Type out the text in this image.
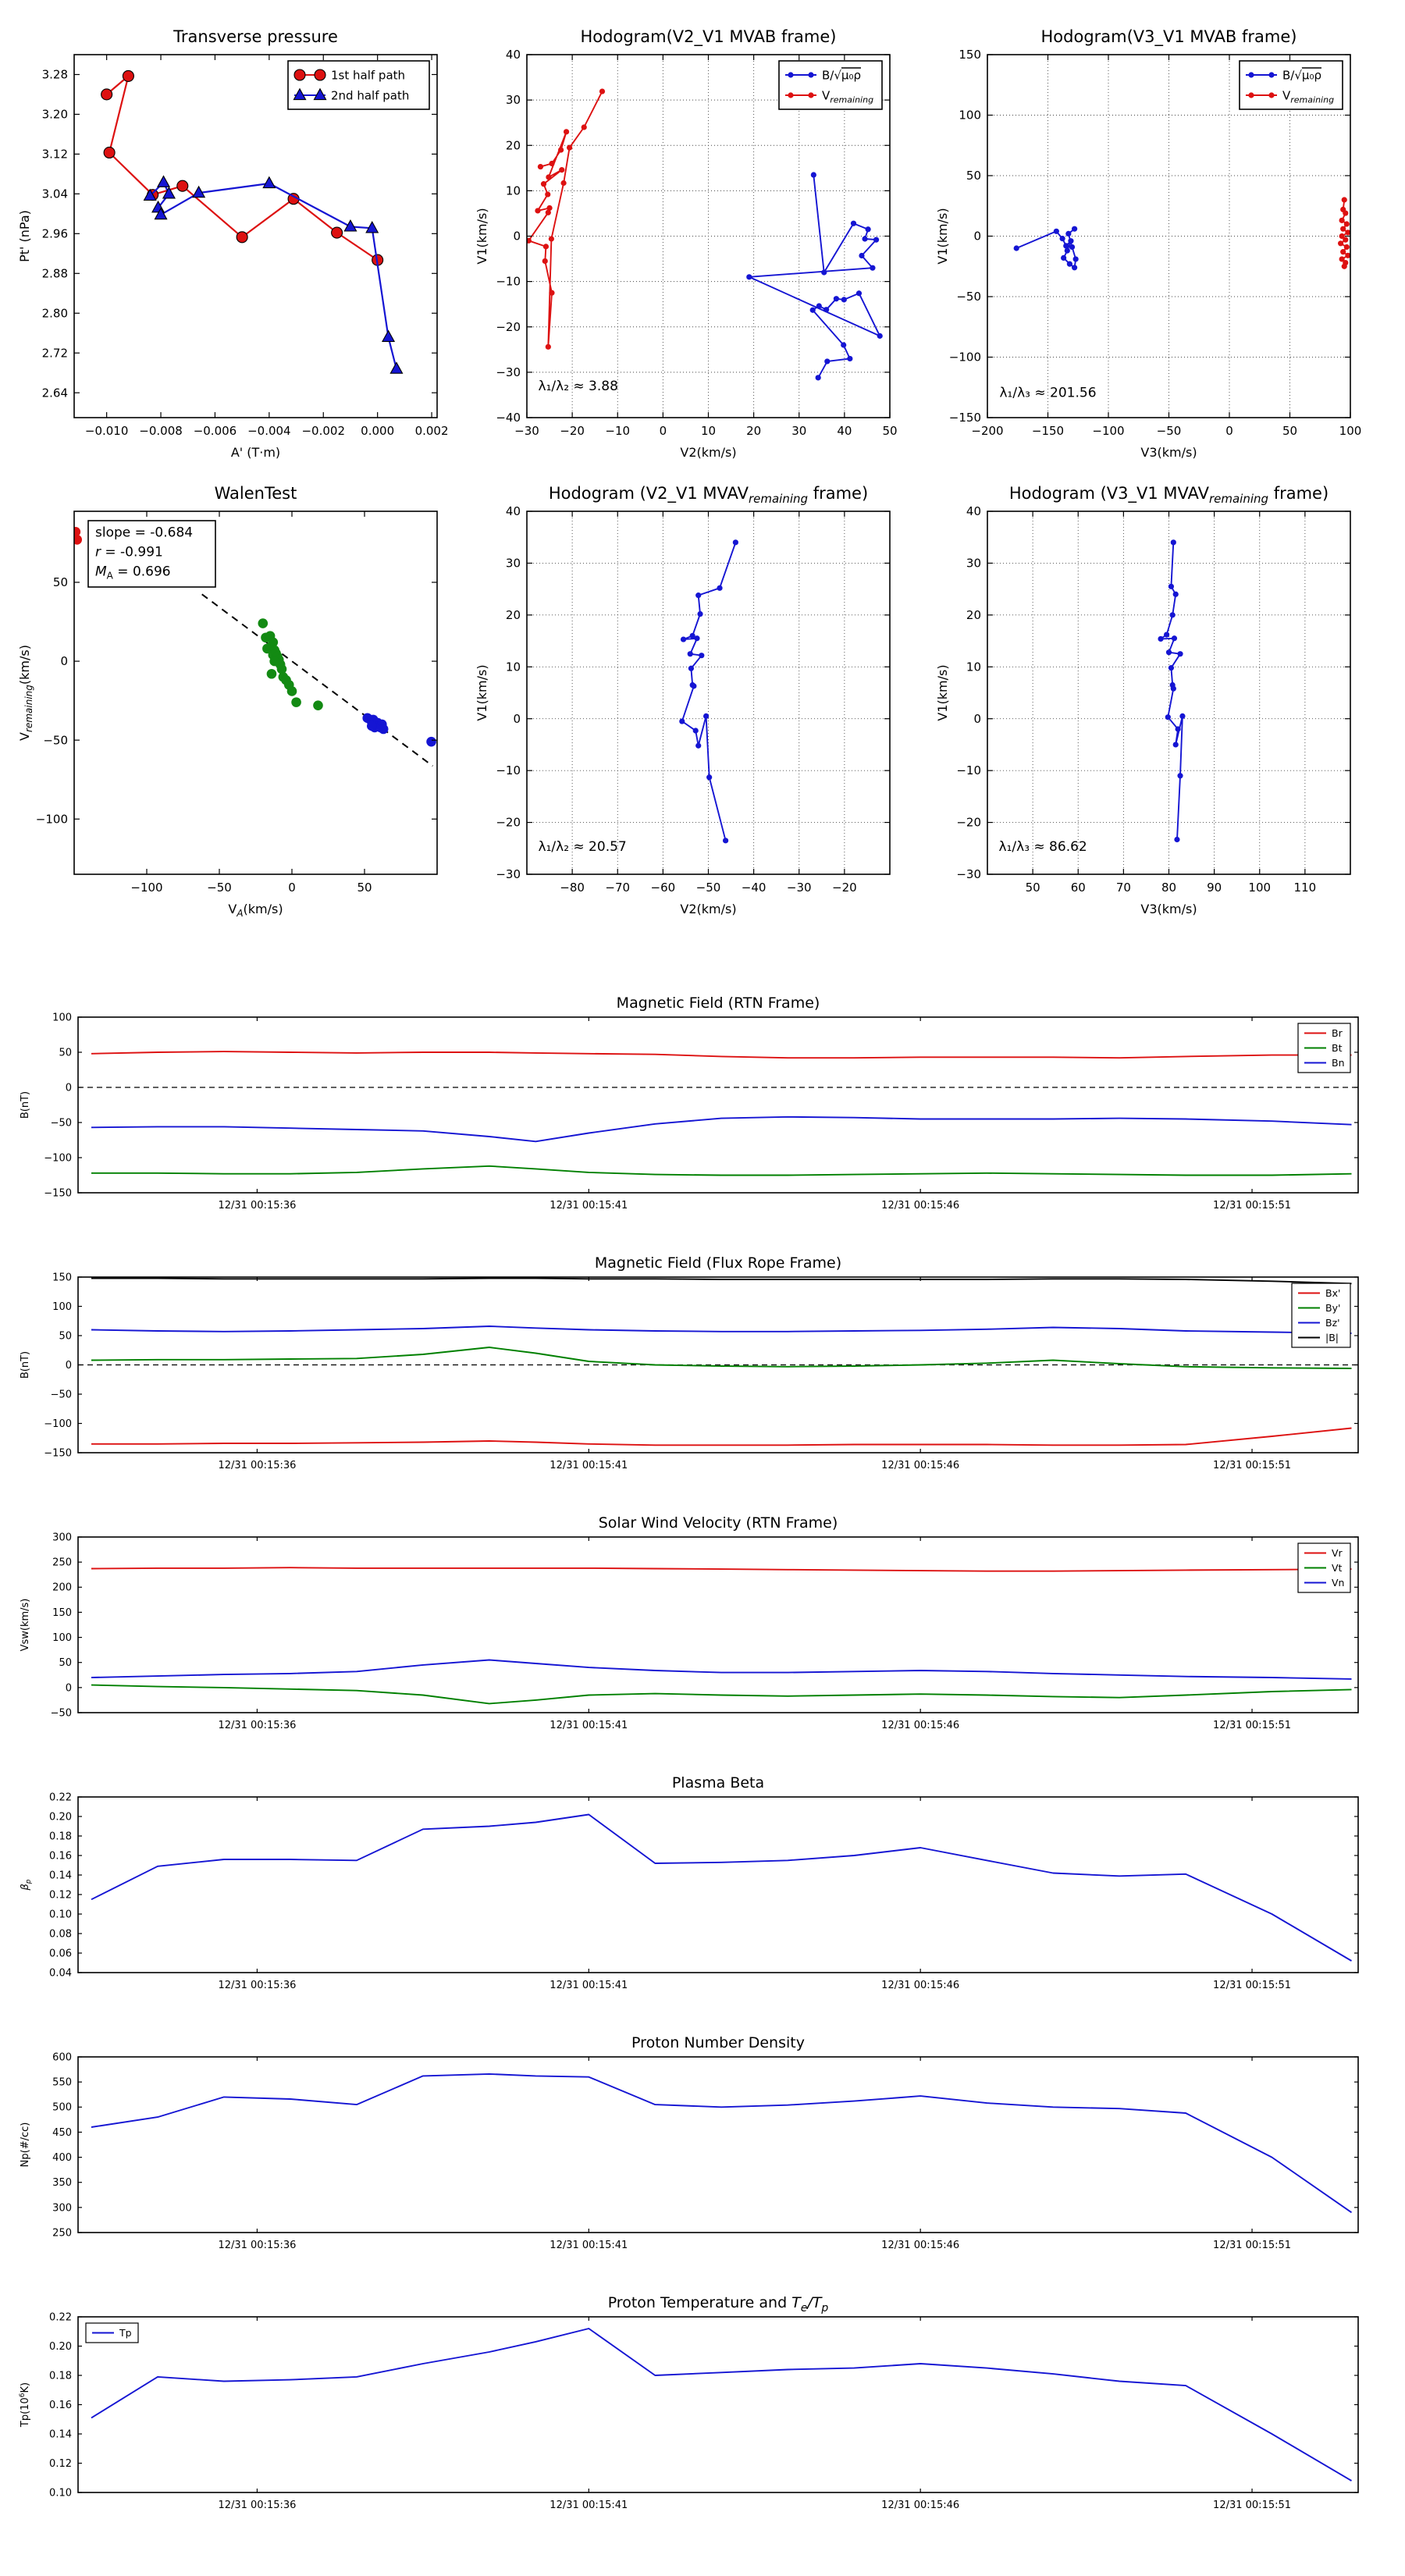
−0.010 −0.008 −0.006 −0.004 −0.002 0.000 0.002
3.28
3.20
3.12
3.04
2.96
2.88
2.80
2.72
2.64
A' (T·m)
Pt' (nPa)
Transverse pressure
1st half path
2nd half path
−30 −20 −10	0	10	20	30	40	50
40
30
20
10
0
−10
−20
−30
−40
V2(km/s)
V1(km/s)
Hodogram(V2_V1 MVAB frame)
B/√μ₀ρ
$V_{remaining}$
λ₁/λ₂ ≈ 3.88
−200 −150 −100	−50	0	50	100
150
100
50
0
−50
−100
−150
V3(km/s)
V1(km/s)
Hodogram(V3_V1 MVAB frame)
B/√μ₀ρ
$V_{remaining}$
λ₁/λ₃ ≈ 201.56
−100	−50	0	50
50
0
−50
−100
$V_A(km/s)$
$V_{remaining}(km/s)$
WalenTest
slope = -0.684
r = -0.991
$M_A = 0.696$
−80 −70 −60 −50 −40 −30 −20
40
30
20
10
0
−10
−20
−30
V2(km/s)
V1(km/s)
Hodogram (V2_V1 $MVAV_{remaining}$ frame)
λ₁/λ₂ ≈ 20.57
50	60	70	80	90 100 110
40
30
20
10
0
−10
−20
−30
V3(km/s)
V1(km/s)
Hodogram (V3_V1 $MVAV_{remaining}$ frame)
λ₁/λ₃ ≈ 86.62
12/31 00:15:36	12/31 00:15:41	12/31 00:15:46	12/31 00:15:51
100
50
0
−50
−100
−150
B(nT)
Magnetic Field (RTN Frame)
Br
Bt
Bn
12/31 00:15:36	12/31 00:15:41	12/31 00:15:46	12/31 00:15:51
150
100
50
0
−50
−100
−150
B(nT)
Magnetic Field (Flux Rope Frame)
Bx'
By'
Bz'
|B|
12/31 00:15:36	12/31 00:15:41	12/31 00:15:46	12/31 00:15:51
300
250
200
150
100
50
0
−50
Vsw(km/s)
Solar Wind Velocity (RTN Frame)
Vr
Vt
Vn
12/31 00:15:36	12/31 00:15:41	12/31 00:15:46	12/31 00:15:51
0.22
0.20
0.18
0.16
0.14
0.12
0.10
0.08
0.06
0.04
$\beta_p$
Plasma Beta
12/31 00:15:36	12/31 00:15:41	12/31 00:15:46	12/31 00:15:51
600
550
500
450
400
350
300
250
Np(#/cc)
Proton Number Density
12/31 00:15:36	12/31 00:15:41	12/31 00:15:46	12/31 00:15:51
0.22
0.20
0.18
0.16
0.14
0.12
0.10
$Tp(10^6K)$
Proton Temperature and $T_e/T_p$
Tp
